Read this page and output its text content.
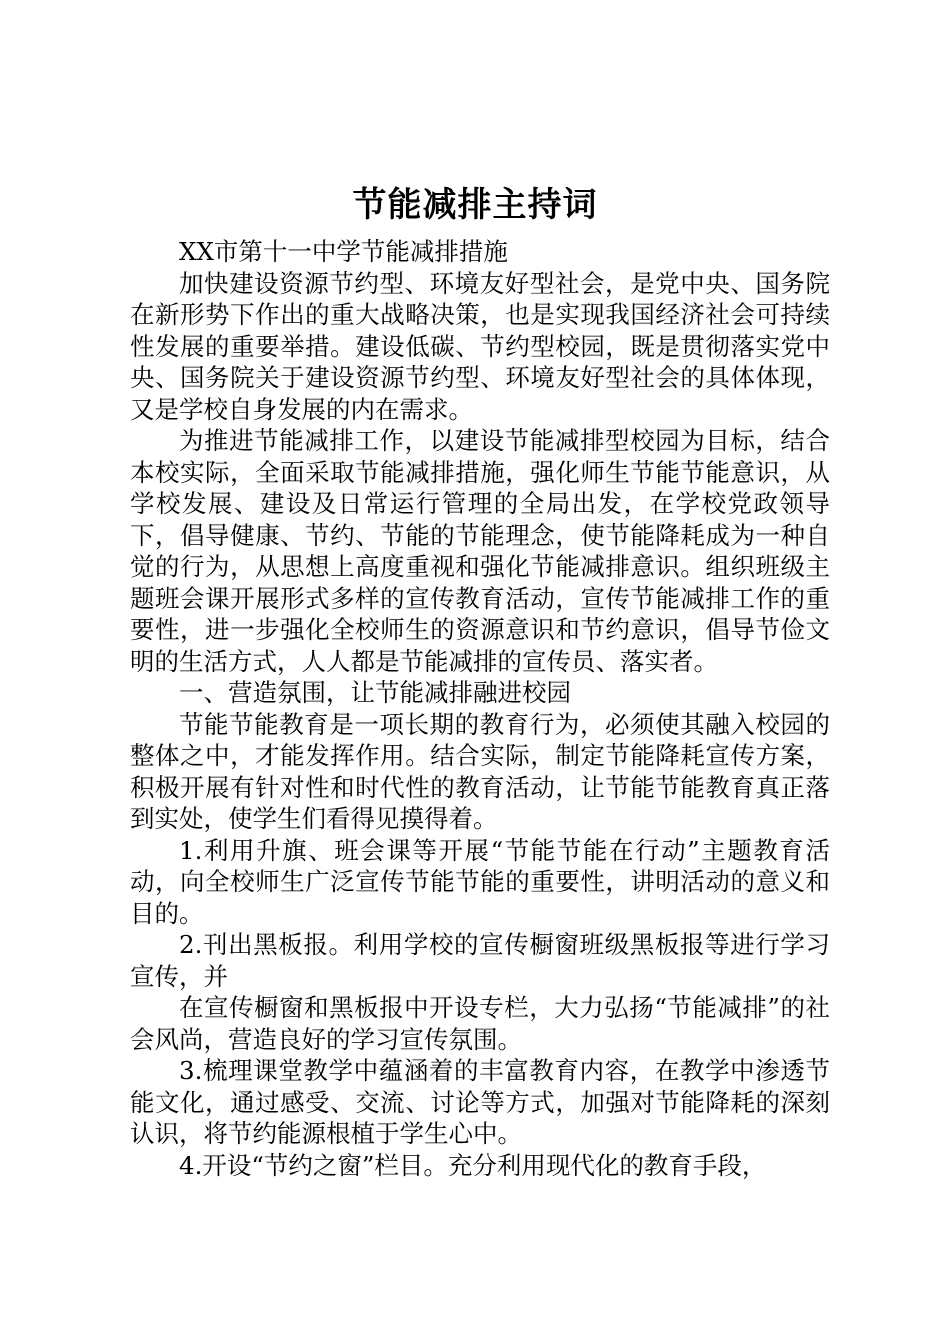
节能减排主持词

XX市第十一中学节能减排措施

加快建设资源节约型、环境友好型社会，是党中央、国务院在新形势下作出的重大战略决策，也是实现我国经济社会可持续性发展的重要举措。建设低碳、节约型校园，既是贯彻落实党中央、国务院关于建设资源节约型、环境友好型社会的具体体现，又是学校自身发展的内在需求。

为推进节能减排工作，以建设节能减排型校园为目标，结合本校实际，全面采取节能减排措施，强化师生节能节能意识，从学校发展、建设及日常运行管理的全局出发，在学校党政领导下，倡导健康、节约、节能的节能理念，使节能降耗成为一种自觉的行为，从思想上高度重视和强化节能减排意识。组织班级主题班会课开展形式多样的宣传教育活动，宣传节能减排工作的重要性，进一步强化全校师生的资源意识和节约意识，倡导节俭文明的生活方式，人人都是节能减排的宣传员、落实者。

一、营造氛围，让节能减排融进校园

节能节能教育是一项长期的教育行为，必须使其融入校园的整体之中，才能发挥作用。结合实际，制定节能降耗宣传方案，积极开展有针对性和时代性的教育活动，让节能节能教育真正落到实处，使学生们看得见摸得着。

1.利用升旗、班会课等开展“节能节能在行动”主题教育活动，向全校师生广泛宣传节能节能的重要性，讲明活动的意义和目的。

2.刊出黑板报。利用学校的宣传橱窗班级黑板报等进行学习宣传，并

在宣传橱窗和黑板报中开设专栏，大力弘扬“节能减排”的社会风尚，营造良好的学习宣传氛围。

3.梳理课堂教学中蕴涵着的丰富教育内容，在教学中渗透节能文化，通过感受、交流、讨论等方式，加强对节能降耗的深刻认识，将节约能源根植于学生心中。

4.开设“节约之窗”栏目。充分利用现代化的教育手段，
